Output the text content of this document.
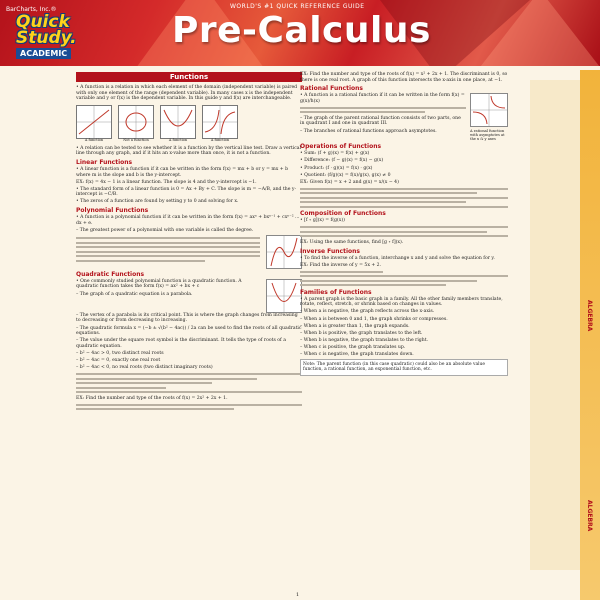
BarCharts, Inc.®
Quick
Study.
ACADEMIC
WORLD'S #1 QUICK REFERENCE GUIDE
Pre-Calculus
ALGEBRA
ALGEBRA
Functions
• A function is a relation in which each element of the domain (independent variable) is paired with only one element of the range (dependent variable). In many cases x is the independent variable and y or f(x) is the dependent variable. In this guide y and f(x) are interchangeable.
A function	Not a function	A function	A function
• A relation can be tested to see whether it is a function by the vertical line test. Draw a vertical line through any graph, and if it hits an x-value more than once, it is not a function.
Linear Functions
• A linear function is a function if it can be written in the form f(x) = mx + b or y = mx + b where m is the slope and b is the y-intercept.
EX: f(x) = 4x − 1 is a linear function. The slope is 4 and the y-intercept is −1.
• The standard form of a linear function is 0 = Ax + By + C. The slope is m = −A/B, and the y-intercept is −C/B.
• The zeros of a function are found by setting y to 0 and solving for x.
Polynomial Functions
• A function is a polynomial function if it can be written in the form f(x) = axⁿ + bxⁿ⁻¹ + cxⁿ⁻² ... dx + e.
– The greatest power of a polynomial with one variable is called the degree.
Quadratic Functions
• One commonly studied polynomial function is a quadratic function. A quadratic function takes the form f(x) = ax² + bx + c
– The graph of a quadratic equation is a parabola.
– The vertex of a parabola is its critical point. This is where the graph changes from increasing to decreasing or from decreasing to increasing.
– The quadratic formula x = (−b ± √(b² − 4ac)) / 2a can be used to find the roots of all quadratic equations.
– The value under the square root symbol is the discriminant. It tells the type of roots of a quadratic equation.
– b² − 4ac > 0, two distinct real roots
– b² − 4ac = 0, exactly one real root
– b² − 4ac < 0, no real roots (two distinct imaginary roots)
EX: Find the number and type of the roots of f(x) = 2x² + 2x + 1.
EX: Find the number and type of the roots of f(x) = x² + 2x + 1. The discriminant is 0, so there is one real root. A graph of this function intersects the x-axis in one place, at −1.
Rational Functions
• A function is a rational function if it can be written in the form f(x) = g(x)/h(x)
– The graph of the parent rational function consists of two parts, one in quadrant I and one in quadrant III.
– The branches of rational functions approach asymptotes.	A rational function with asymptotes at the x & y axes
Operations of Functions
• Sum: (f + g)(x) = f(x) + g(x)
• Difference: (f − g)(x) = f(x) − g(x)
• Product: (f · g)(x) = f(x) · g(x)
• Quotient: (f/g)(x) = f(x)/g(x), g(x) ≠ 0
EX: Given f(x) = x + 2 and g(x) = x/(x − 4)
Composition of Functions
• [f ∘ g](x) = f(g(x))
EX: Using the same functions, find [g ∘ f](x).
Inverse Functions
• To find the inverse of a function, interchange x and y and solve the equation for y.
EX: Find the inverse of y = 5x + 2.
Families of Functions
• A parent graph is the basic graph in a family. All the other family members translate, rotate, reflect, stretch, or shrink based on changes in values.
– When a is negative, the graph reflects across the x-axis.
– When a is between 0 and 1, the graph shrinks or compresses.
– When a is greater than 1, the graph expands.
– When b is positive, the graph translates to the left.
– When b is negative, the graph translates to the right.
– When c is positive, the graph translates up.
– When c is negative, the graph translates down.
Note: The parent function (in this case quadratic) could also be an absolute value function, a rational function, an exponential function, etc.
1
